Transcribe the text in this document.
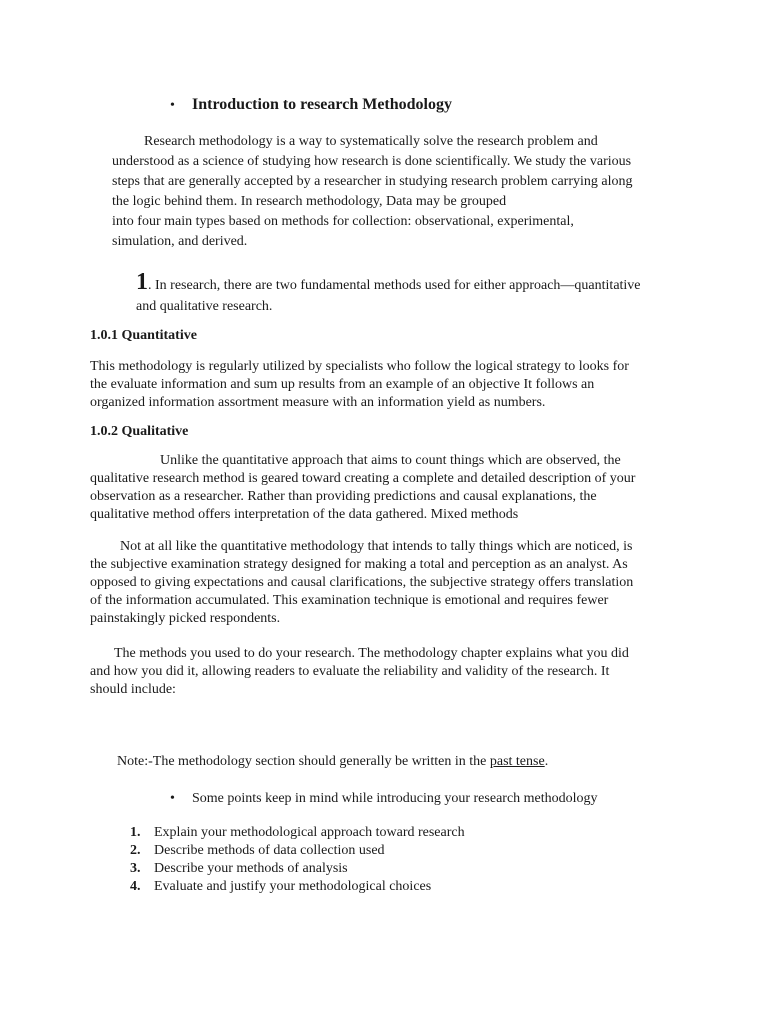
•	Introduction to research Methodology
Research methodology is a way to systematically solve the research problem and
understood as a science of studying how research is done scientifically. We study the various
steps that are generally accepted by a researcher in studying research problem carrying along
the logic behind them. In research methodology, Data may be grouped
into four main types based on methods for collection: observational, experimental,
simulation, and derived.
1. In research, there are two fundamental methods used for either approach—quantitative
and qualitative research.
1.0.1 Quantitative
This methodology is regularly utilized by specialists who follow the logical strategy to looks for
the evaluate information and sum up results from an example of an objective It follows an
organized information assortment measure with an information yield as numbers.
1.0.2 Qualitative
Unlike the quantitative approach that aims to count things which are observed, the
qualitative research method is geared toward creating a complete and detailed description of your
observation as a researcher. Rather than providing predictions and causal explanations, the
qualitative method offers interpretation of the data gathered. Mixed methods
Not at all like the quantitative methodology that intends to tally things which are noticed, is
the subjective examination strategy designed for making a total and perception as an analyst. As
opposed to giving expectations and causal clarifications, the subjective strategy offers translation
of the information accumulated. This examination technique is emotional and requires fewer
painstakingly picked respondents.
The methods you used to do your research. The methodology chapter explains what you did
and how you did it, allowing readers to evaluate the reliability and validity of the research. It
should include:
Note:-The methodology section should generally be written in the past tense.
•	Some points keep in mind while introducing your research methodology
1. Explain your methodological approach toward research
2. Describe methods of data collection used
3. Describe your methods of analysis
4. Evaluate and justify your methodological choices
